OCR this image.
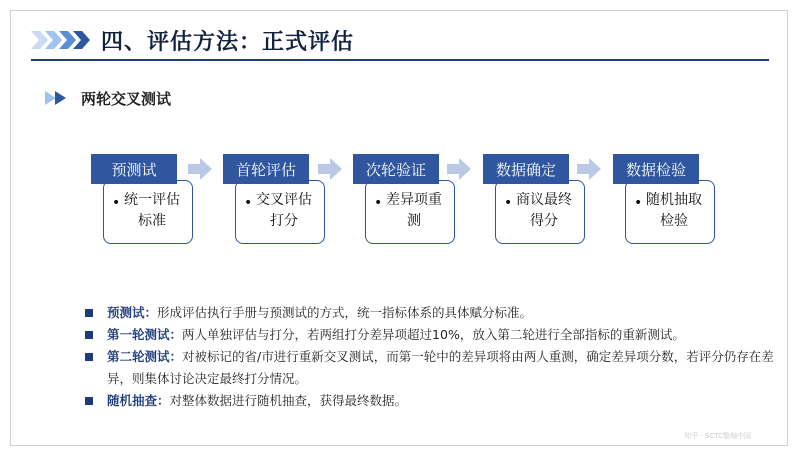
四、评估方法：正式评估
两轮交叉测试
预测试
• 统一评估标准
首轮评估
• 交叉评估打分
次轮验证
• 差异项重测
数据确定
• 商议最终得分
数据检验
• 随机抽取检验
预测试：形成评估执行手册与预测试的方式，统一指标体系的具体赋分标准。
第一轮测试：两人单独评估与打分，若两组打分差异项超过10%，放入第二轮进行全部指标的重新测试。
第二轮测试：对被标记的省/市进行重新交叉测试，而第一轮中的差异项将由两人重测，确定差异项分数，若评分仍存在差异，则集体讨论决定最终打分情况。
随机抽查：对整体数据进行随机抽查，获得最终数据。
知乎 · SCTC整编中国
